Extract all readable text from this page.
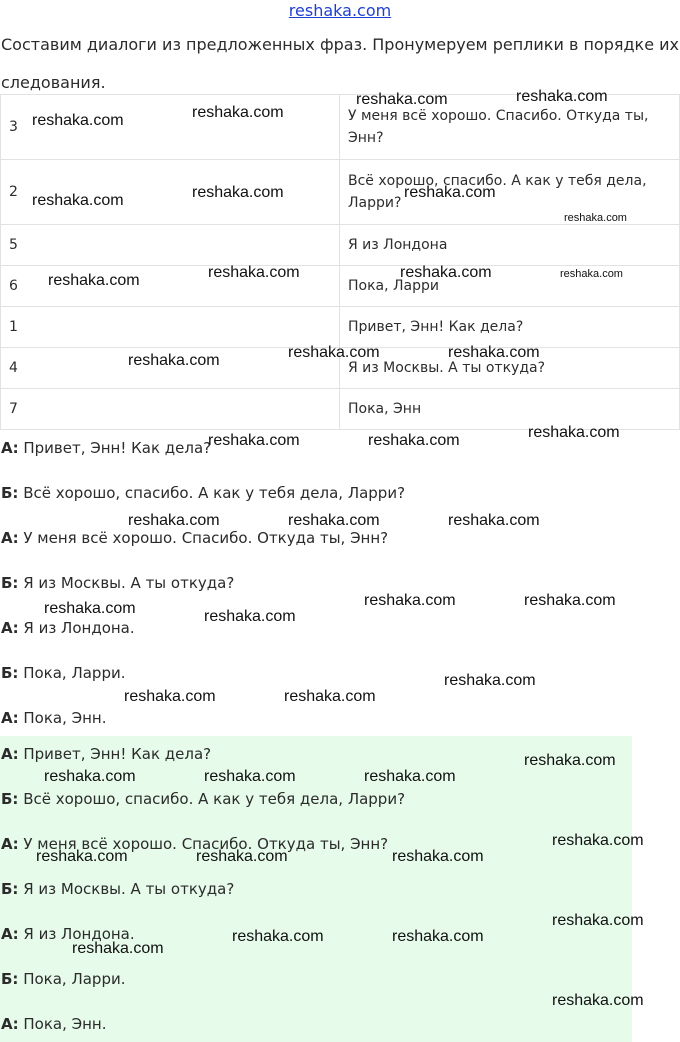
reshaka.com
Составим диалоги из предложенных фраз. Пронумеруем реплики в порядке их следования.
3	У меня всё хорошо. Спасибо. Откуда ты, Энн?
2	Всё хорошо, спасибо. А как у тебя дела, Ларри?
5	Я из Лондона
6	Пока, Ларри
1	Привет, Энн! Как дела?
4	Я из Москвы. А ты откуда?
7	Пока, Энн
А: Привет, Энн! Как дела?
Б: Всё хорошо, спасибо. А как у тебя дела, Ларри?
А: У меня всё хорошо. Спасибо. Откуда ты, Энн?
Б: Я из Москвы. А ты откуда?
А: Я из Лондона.
Б: Пока, Ларри.
А: Пока, Энн.
А: Привет, Энн! Как дела?
Б: Всё хорошо, спасибо. А как у тебя дела, Ларри?
А: У меня всё хорошо. Спасибо. Откуда ты, Энн?
Б: Я из Москвы. А ты откуда?
А: Я из Лондона.
Б: Пока, Ларри.
А: Пока, Энн.
reshaka.com	reshaka.com
reshaka.com	reshaka.com
reshaka.com
reshaka.com	reshaka.com
reshaka.com
reshaka.com	reshaka.com	reshaka.com	reshaka.com
reshaka.com	reshaka.com	reshaka.com
reshaka.com	reshaka.com	reshaka.com
reshaka.com	reshaka.com	reshaka.com
reshaka.com	reshaka.com
reshaka.com	reshaka.com
reshaka.com	reshaka.com
reshaka.com
reshaka.com
reshaka.com	reshaka.com	reshaka.com
reshaka.com
reshaka.com	reshaka.com	reshaka.com
reshaka.com
reshaka.com	reshaka.com
reshaka.com
reshaka.com
